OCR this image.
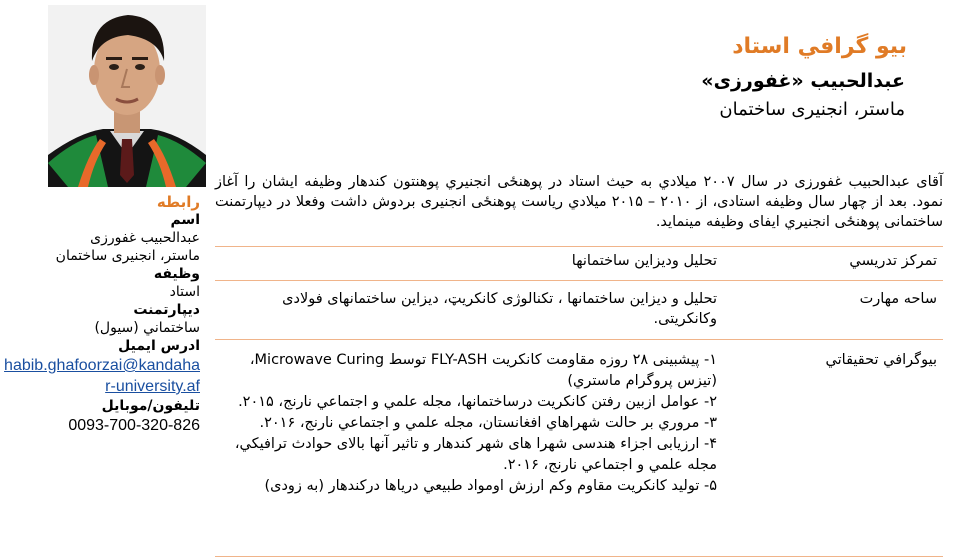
بیو گرافي استاد
عبدالحبیب «غفورزی»
ماستر، انجنیری ساختمان
آقای عبدالحبیب غفورزی در سال ۲۰۰۷ میلادي به حیث استاد در پوهنځی انجنیري پوهنتون کندهار وظیفه ایشان را آغاز نمود. بعد از چهار سال وظیفه استادی، از ۲۰۱۰ – ۲۰۱۵ میلادي ریاست پوهنځی انجنیری بردوش داشت وفعلا در دیپارتمنت ساختمانی پوهنځی انجنیري ایفای وظیفه مینماید.
تمرکز تدریسي
تحلیل ودیزاین ساختمانها
ساحه مهارت
تحلیل و دیزاین ساختمانها ، تکنالوژی کانکریټ، دیزاین ساختمانهای فولادی وکانکریتی.
بیوگرافي تحقیقاتي
۱- پیشبینی ۲۸ روزه مقاومت کانکریت FLY-ASH توسط Microwave Curing، (تیزس پروگرام ماستري)
۲- عوامل ازبین رفتن کانکریت درساختمانها، مجله علمي و اجتماعي نارنج، ۲۰۱۵.
۳- مروري بر حالت شهراهاي افغانستان، مجله علمي و اجتماعي نارنج، ۲۰۱۶.
۴- ارزیابی اجزاء هندسی شهرا های شهر کندهار و تاثیر آنها بالای حوادث ترافیکي، مجله علمي و اجتماعي نارنج، ۲۰۱۶.
۵- تولید کانکریت مقاوم وکم ارزش اومواد طبیعي دریاها درکندهار (به زودی)
رابطه
اسم
عبدالحبیب غفورزی
ماستر، انجنیری ساختمان
وظیفه
استاد
دیپارتمنت
ساختماني (سیول)
ادرس ایمیل
habib.ghafoorzai@kandahar-university.af
تلیفون/موبایل
0093-700-320-826
